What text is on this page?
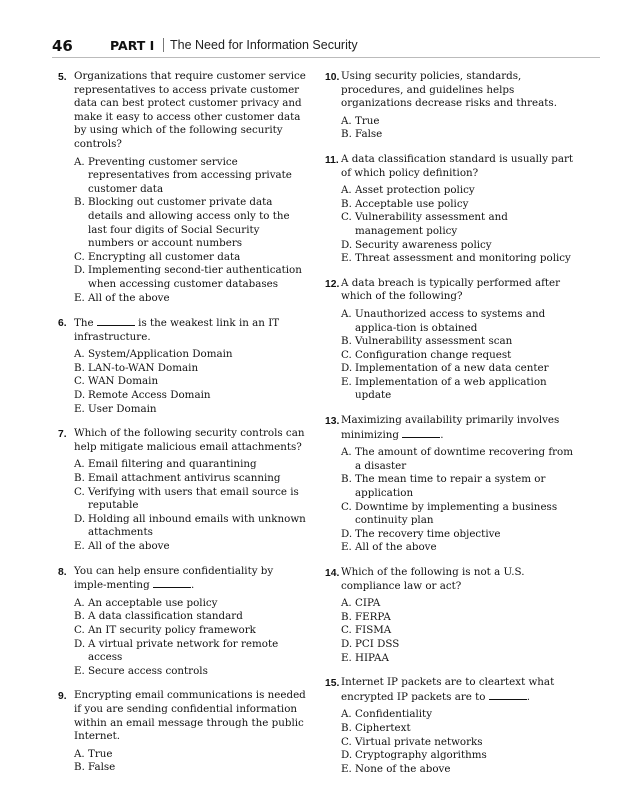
46	PART I The Need for Information Security
5. Organizations that require customer service representatives to access private customer data can best protect customer privacy and make it easy to access other customer data by using which of the following security controls?

A. Preventing customer service representatives from accessing private customer data
B. Blocking out customer private data details and allowing access only to the last four digits of Social Security numbers or account numbers
C. Encrypting all customer data
D. Implementing second-tier authentication when accessing customer databases
E. All of the above
6. The	is the weakest link in an IT infrastructure.

A. System/Application Domain
B. LAN-to-WAN Domain
C. WAN Domain
D. Remote Access Domain
E. User Domain
7. Which of the following security controls can help mitigate malicious email attachments?

A. Email filtering and quarantining
B. Email attachment antivirus scanning
C. Verifying with users that email source is reputable
D. Holding all inbound emails with unknown attachments
E. All of the above
8. You can help ensure confidentiality by imple-menting	.

A. An acceptable use policy
B. A data classification standard
C. An IT security policy framework
D. A virtual private network for remote access
E. Secure access controls
9. Encrypting email communications is needed if you are sending confidential information within an email message through the public Internet.

A. True
B. False
10. Using security policies, standards, procedures, and guidelines helps organizations decrease risks and threats.

A. True
B. False
11. A data classification standard is usually part of which policy definition?

A. Asset protection policy
B. Acceptable use policy
C. Vulnerability assessment and management policy
D. Security awareness policy
E. Threat assessment and monitoring policy
12. A data breach is typically performed after which of the following?

A. Unauthorized access to systems and applica-tion is obtained
B. Vulnerability assessment scan
C. Configuration change request
D. Implementation of a new data center
E. Implementation of a web application update
13. Maximizing availability primarily involves minimizing	.

A. The amount of downtime recovering from a disaster
B. The mean time to repair a system or application
C. Downtime by implementing a business continuity plan
D. The recovery time objective
E. All of the above
14. Which of the following is not a U.S. compliance law or act?

A. CIPA
B. FERPA
C. FISMA
D. PCI DSS
E. HIPAA
15. Internet IP packets are to cleartext what encrypted IP packets are to	.

A. Confidentiality
B. Ciphertext
C. Virtual private networks
D. Cryptography algorithms
E. None of the above
